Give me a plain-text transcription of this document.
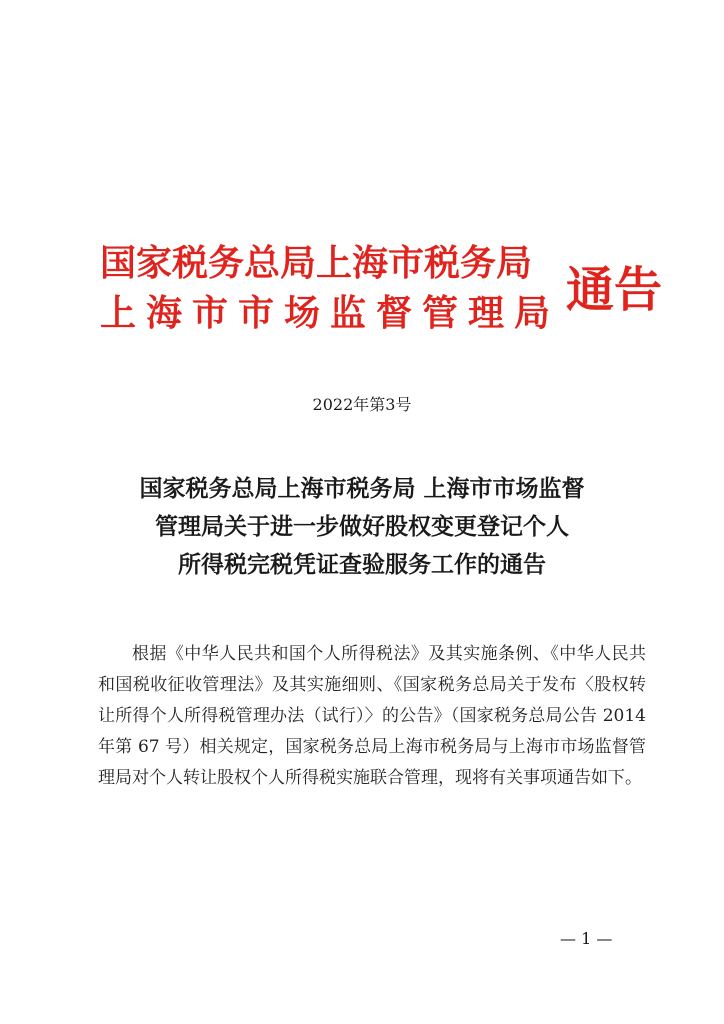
国家税务总局上海市税务局
上海市市场监督管理局 通告
2022年第3号
国家税务总局上海市税务局 上海市市场监督
管理局关于进一步做好股权变更登记个人
所得税完税凭证查验服务工作的通告

根据《中华人民共和国个人所得税法》及其实施条例、《中华人民共和国税收征收管理法》及其实施细则、《国家税务总局关于发布〈股权转让所得个人所得税管理办法（试行）〉的公告》（国家税务总局公告 2014 年第 67 号）相关规定，国家税务总局上海市税务局与上海市市场监督管理局对个人转让股权个人所得税实施联合管理，现将有关事项通告如下。

— 1 —
